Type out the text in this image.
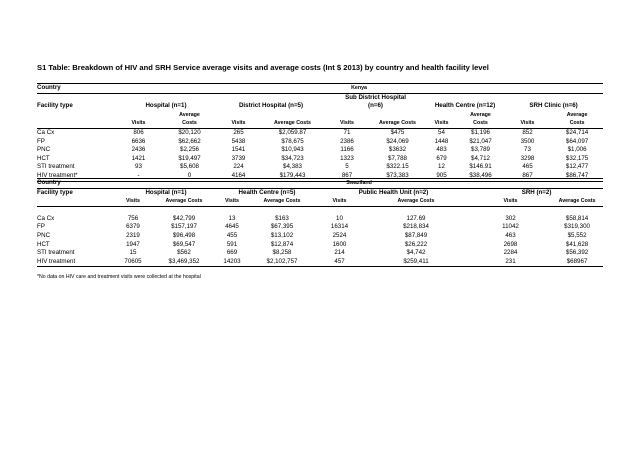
S1 Table: Breakdown of HIV and SRH Service average visits and average costs (Int $ 2013) by country and health facility level
Country	Kenya									
					Sub District Hospital					
Facility type	Hospital (n=1)		District Hospital (n=5)		(n=6)		Health Centre (n=12)		SRH Clinic (n=6)	
		Average						Average		Average
	Visits	Costs	Visits	Average Costs	Visits	Average Costs	Visits	Costs	Visits	Costs
Ca Cx	806	$20,120	265	$2,059.87	71	$475	54	$1,196	852	$24,714
FP	6636	$62,662	5438	$78,675	2386	$24,069	1448	$21,047	3500	$64,097
PNC	2436	$2,256	1541	$10,943	1166	$3632	483	$3,789	73	$1,006
HCT	1421	$19,497	3739	$34,723	1323	$7,788	679	$4,712	3298	$32,175
STI treatment	93	$5,608	224	$4,383	5	$322.15	12	$146.91	465	$12,477
HIV treatment*	-	0	4164	$179,443	867	$73,383	905	$38,496	867	$86,747
Country	Swaziland							
Facility type	Hospital (n=1)		Health Centre (n=5)		Public Health Unit (n=2)		SRH (n=2)	
	Visits	Average Costs	Visits	Average Costs	Visits	Average Costs	Visits	Average Costs

Ca Cx	756	$42,799	13	$163	10	127.69	302	$58,814
FP	6379	$157,197	4645	$67,395	16314	$218,834	11042	$319,300
PNC	2319	$96,498	455	$13,102	2524	$87,849	463	$5,552
HCT	1947	$69,547	591	$12,874	1600	$26,222	2698	$41,628
STI treatment	15	$562	669	$8,258	214	$4,742	2284	$56,392
HIV treatment	70605	$3,469,352	14203	$2,102,757	457	$259,411	231	$68967
*No data on HIV care and treatment visits were collected at the hospital
